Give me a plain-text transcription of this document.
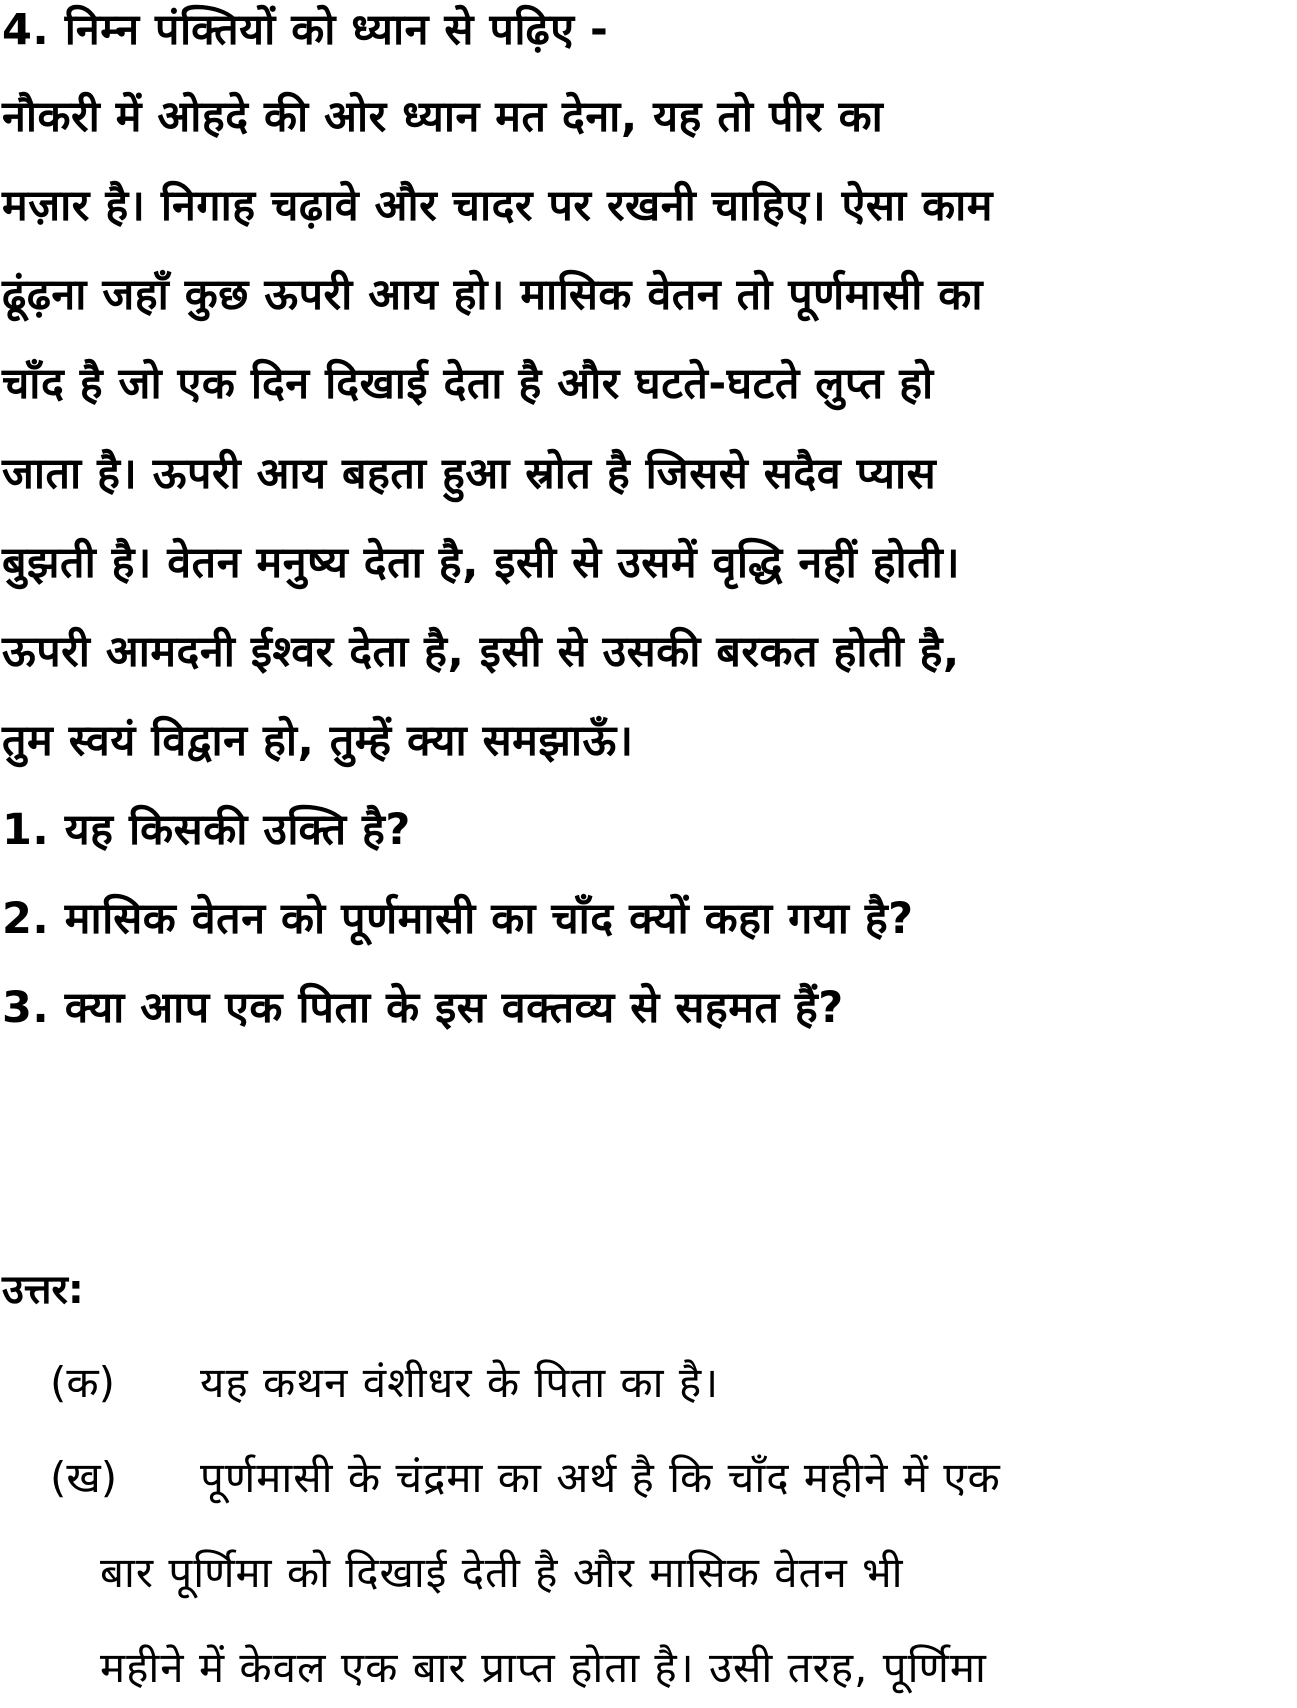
4. निम्न पंक्तियों को ध्यान से पढ़िए -
नौकरी में ओहदे की ओर ध्यान मत देना, यह तो पीर का
मज़ार है। निगाह चढ़ावे और चादर पर रखनी चाहिए। ऐसा काम
ढूंढ़ना जहाँ कुछ ऊपरी आय हो। मासिक वेतन तो पूर्णमासी का
चाँद है जो एक दिन दिखाई देता है और घटते-घटते लुप्त हो
जाता है। ऊपरी आय बहता हुआ स्रोत है जिससे सदैव प्यास
बुझती है। वेतन मनुष्य देता है, इसी से उसमें वृद्धि नहीं होती।
ऊपरी आमदनी ईश्वर देता है, इसी से उसकी बरकत होती है,
तुम स्वयं विद्वान हो, तुम्हें क्या समझाऊँ।
1. यह किसकी उक्ति है?
2. मासिक वेतन को पूर्णमासी का चाँद क्यों कहा गया है?
3. क्या आप एक पिता के इस वक्तव्य से सहमत हैं?
उत्तर:
(क) यह कथन वंशीधर के पिता का है।
(ख) पूर्णमासी के चंद्रमा का अर्थ है कि चाँद महीने में एक
बार पूर्णिमा को दिखाई देती है और मासिक वेतन भी
महीने में केवल एक बार प्राप्त होता है। उसी तरह, पूर्णिमा
